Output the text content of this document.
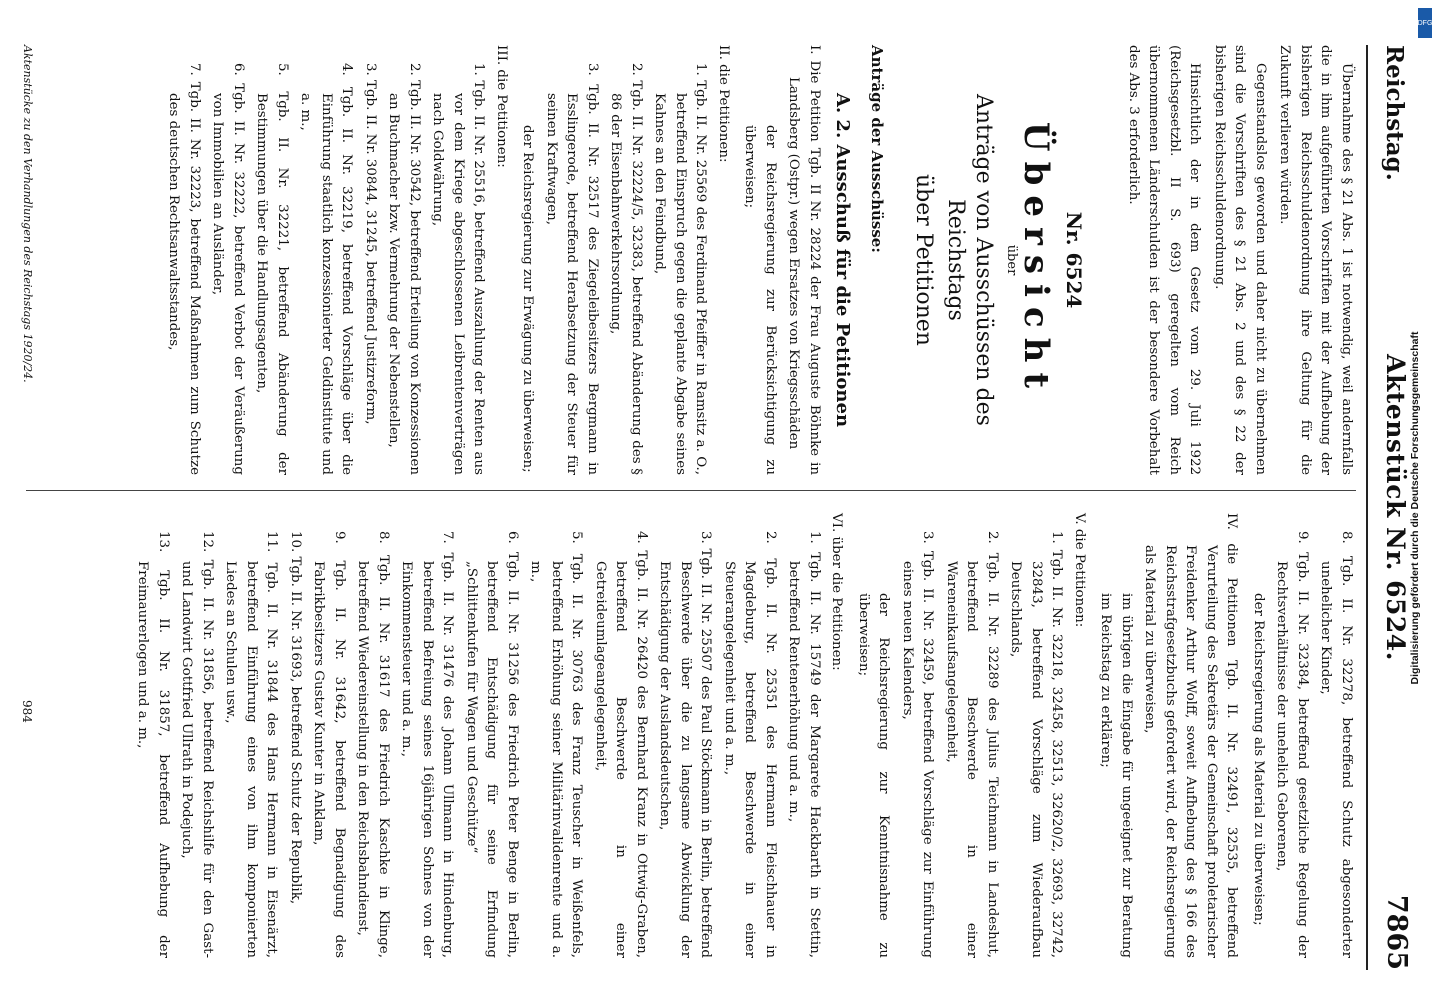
Reichstag.
Aktenstück Nr. 6524.
7865

Übernahme des § 21 Abs. 1 ist notwendig, weil andernfalls die in ihm aufgeführten Vorschriften mit der Aufhebung der bisherigen Reichsschuldenordnung ihre Geltung für die Zukunft verlieren würden.

Gegenstandslos geworden und daher nicht zu übernehmen sind die Vorschriften des § 21 Abs. 2 und des § 22 der bisherigen Reichsschuldenordnung.

Hinsichtlich der in dem Gesetz vom 29. Juli 1922 (Reichsgesetzbl. II S. 693) geregelten vom Reich übernommenen Länderschulden ist der besondere Vorbehalt des Abs. 3 erforderlich.

Nr. 6524
Übersicht
über
Anträge von Ausschüssen des Reichstags
über Petitionen
Anträge der Ausschüsse:
A. 2. Ausschuß für die Petitionen

I. Die Petition Tgb. II Nr. 28224 der Frau Auguste Böhnke in Landsberg (Ostpr.) wegen Ersatzes von Kriegsschäden

der Reichsregierung zur Berücksichtigung zu überweisen;

II. die Petitionen:

1. Tgb. II. Nr. 25569 des Ferdinand Pfeiffer in Ramsitz a. O., betreffend Einspruch gegen die geplante Abgabe seines Kahnes an den Feindbund,

2. Tgb. II. Nr. 32224/5, 32383, betreffend Abänderung des § 86 der Eisenbahnverkehrsordnung,

3. Tgb. II. Nr. 32517 des Ziegeleibesitzers Bergmann in Esslingerode, betreffend Herabsetzung der Steuer für seinen Kraftwagen,

der Reichsregierung zur Erwägung zu überweisen;

III. die Petitionen:

1. Tgb. II. Nr. 25516, betreffend Auszahlung der Renten aus vor dem Kriege abgeschlossenen Leibrentenverträgen nach Goldwährung,

2. Tgb. II. Nr. 30542, betreffend Erteilung von Konzessionen an Buchmacher bzw. Vermehrung der Nebenstellen,

3. Tgb. II. Nr. 30844, 31245, betreffend Justizreform,

4. Tgb. II. Nr. 32219, betreffend Vorschläge über die Einführung staatlich konzessionierter Geldinstitute und a. m.,

5. Tgb. II. Nr. 32221, betreffend Abänderung der Bestimmungen über die Handlungsagenten,

6. Tgb. II. Nr. 32222, betreffend Verbot der Veräußerung von Immobilien an Ausländer,

7. Tgb. II. Nr. 32223, betreffend Maßnahmen zum Schutze des deutschen Rechtsanwaltsstandes,

8. Tgb. II. Nr. 32278, betreffend Schutz abgesonderter unehelicher Kinder,

9. Tgb. II. Nr. 32384, betreffend gesetzliche Regelung der Rechtsverhältnisse der unehelich Geborenen,

der Reichsregierung als Material zu überweisen;

IV. die Petitionen Tgb. II. Nr. 32491, 32535, betreffend Verurteilung des Sekretärs der Gemeinschaft proletarischer Freidenker Arthur Wolff, soweit Aufhebung des § 166 des Reichsstrafgesetzbuchs gefordert wird, der Reichsregierung als Material zu überweisen,

im übrigen die Eingabe für ungeeignet zur Beratung im Reichstag zu erklären;

V. die Petitionen:

1. Tgb. II. Nr. 32218, 32458, 32513, 32620/2, 32693, 32742, 32843, betreffend Vorschläge zum Wiederaufbau Deutschlands,

2. Tgb. II. Nr. 32289 des Julius Teichmann in Landeshut, betreffend Beschwerde in einer Wareneinkaufsangelegenheit,

3. Tgb. II. Nr. 32459, betreffend Vorschläge zur Einführung eines neuen Kalenders,

der Reichsregierung zur Kenntnisnahme zu überweisen;

VI. über die Petitionen:

1. Tgb. II. Nr. 15749 der Margarete Hackbarth in Stettin, betreffend Rentenerhöhung und a. m.,

2. Tgb. II. Nr. 25351 des Hermann Fleischhauer in Magdeburg, betreffend Beschwerde in einer Steuerangelegenheit und a. m.,

3. Tgb. II. Nr. 25507 des Paul Stöckmann in Berlin, betreffend Beschwerde über die zu langsame Abwicklung der Entschädigung der Auslandsdeutschen,

4. Tgb. II. Nr. 26420 des Bernhard Kranz in Ottwig-Graben, betreffend Beschwerde in einer Getreideumlageangelegenheit,

5. Tgb. II. Nr. 30763 des Franz Teuscher in Weißenfels, betreffend Erhöhung seiner Militärinvalidenrente und a. m.,

6. Tgb. II. Nr. 31256 des Friedrich Peter Benge in Berlin, betreffend Entschädigung für seine Erfindung „Schlittenkufen für Wagen und Geschütze“

7. Tgb. II. Nr. 31476 des Johann Ullmann in Hindenburg, betreffend Befreiung seines 16jährigen Sohnes von der Einkommensteuer und a. m.,

8. Tgb. II. Nr. 31617 des Friedrich Kaschke in Klinge, betreffend Wiedereinstellung in den Reichsbahndienst,

9. Tgb. II. Nr. 31642, betreffend Begnadigung des Fabrikbesitzers Gustav Kunter in Anklam,

10. Tgb. II. Nr. 31693, betreffend Schutz der Republik,

11. Tgb. II. Nr. 31844 des Hans Hermann in Eisenärzt, betreffend Einführung eines von ihm komponierten Liedes an Schulen usw.,

12. Tgb. II. Nr. 31856, betreffend Reichshilfe für den Gast- und Landwirt Gottfried Ullrath in Podejuch,

13. Tgb. II. Nr. 31857, betreffend Aufhebung der Freimaurerlogen und a. m.,

Aktenstücke zu den Verhandlungen des Reichstags 1920/24.
984
Digitalisierung gefördert durch die Deutsche Forschungsgemeinschaft
DFG
